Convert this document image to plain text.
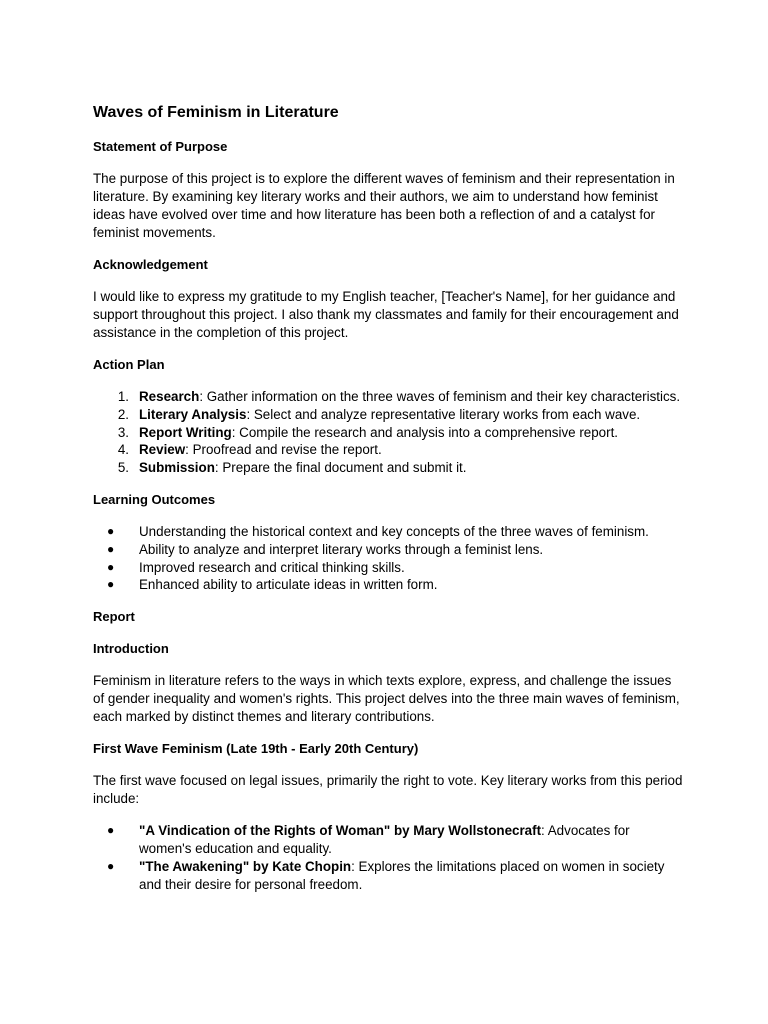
Waves of Feminism in Literature
Statement of Purpose

The purpose of this project is to explore the different waves of feminism and their representation in literature. By examining key literary works and their authors, we aim to understand how feminist ideas have evolved over time and how literature has been both a reflection of and a catalyst for feminist movements.

Acknowledgement

I would like to express my gratitude to my English teacher, [Teacher's Name], for her guidance and support throughout this project. I also thank my classmates and family for their encouragement and assistance in the completion of this project.

Action Plan
1. Research: Gather information on the three waves of feminism and their key characteristics.
2. Literary Analysis: Select and analyze representative literary works from each wave.
3. Report Writing: Compile the research and analysis into a comprehensive report.
4. Review: Proofread and revise the report.
5. Submission: Prepare the final document and submit it.
Learning Outcomes
●	Understanding the historical context and key concepts of the three waves of feminism.
●	Ability to analyze and interpret literary works through a feminist lens.
●	Improved research and critical thinking skills.
●	Enhanced ability to articulate ideas in written form.
Report
Introduction

Feminism in literature refers to the ways in which texts explore, express, and challenge the issues of gender inequality and women's rights. This project delves into the three main waves of feminism, each marked by distinct themes and literary contributions.

First Wave Feminism (Late 19th - Early 20th Century)

The first wave focused on legal issues, primarily the right to vote. Key literary works from this period include:

●	"A Vindication of the Rights of Woman" by Mary Wollstonecraft: Advocates for women's education and equality.
●	"The Awakening" by Kate Chopin: Explores the limitations placed on women in society and their desire for personal freedom.
